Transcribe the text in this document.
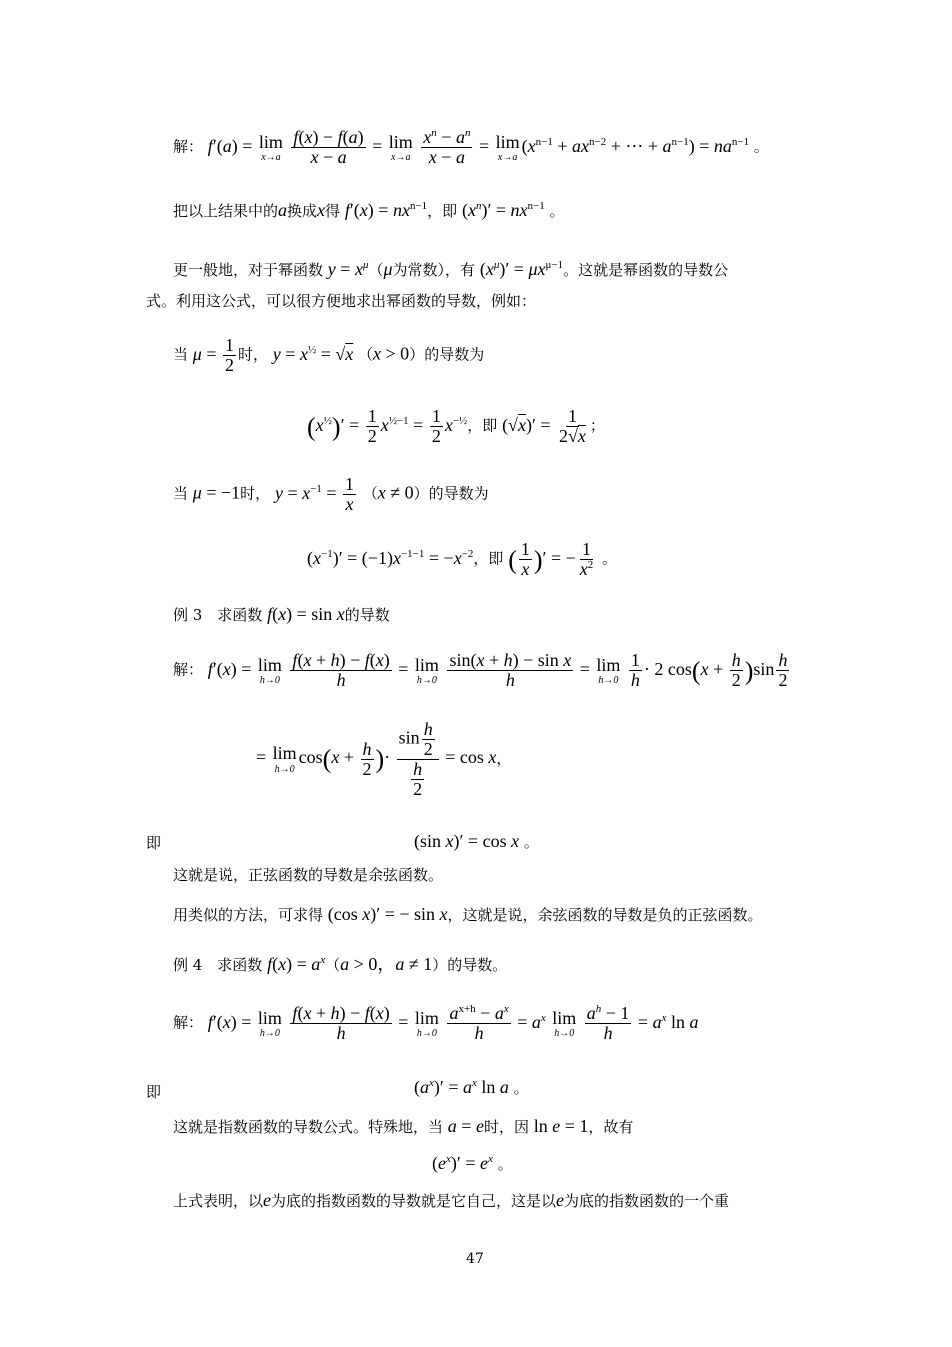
解： f′(a) = lim
x→a
$\frac{f(x) - f(a)}{x - a} = \lim$
x→a
$\frac{x^n - a^n}{x - a} = \lim$
x→a
($x^{n-1} + ax^{n-2}$ + ⋯ + $a^{n-1}) = na^{n-1}$ 。
把以上结果中的a换成x得 $f'(x) = nx^{n-1}$，即 $(x^n)' = nx^{n-1}$ 。
更一般地，对于幂函数 $y = x^\mu(\mu$为常数），有 $(x^\mu)' = \mu x^{\mu-1}$。这就是幂函数的导数公
式。利用这公式，可以很方便地求出幂函数的导数，例如：
当 $\mu = \frac{1}{2}$ 时， $y = x^{\frac{1}{2}} = √x$ （x > 0）的导数为
$(x^{\frac{1}{2}})' = \frac{1}{2} x^{\frac{1}{2}-1} = \frac{1}{2} x^{-\frac{1}{2}}$，即 $(√x)' = \frac{1}{2√x}$ ；
当 μ = −1时， $y = x^{-1} = \frac{1}{x} (x \ne 0)$的导数为
$(x^{-1})' = (-1)x^{-1-1} = -x^{-2}$，即 ( $\frac{1}{x}$ )′ = − $\frac{1}{x^2}$ 。
例 3　求函数 f(x) = sin x的导数
解： f′(x) = lim
h→0
$\frac{f(x + h) - f(x)}{h} = \lim$
h→0
$\frac{\text{sin(x + h) − sin x}}{h} = \lim$
h→0
$\frac{1}{h} \cdot 2$ $\cos(x + \frac{h}{2} )\sin \frac{h}{2}$
= lim
h→0
$\cos(x + \frac{h}{2}$ )· $\frac{\sin \frac{h}{2}}{\frac{h}{2}} = \cos x$，
即	(sin x)′ = cos x 。
这就是说，正弦函数的导数是余弦函数。
用类似的方法，可求得 (cos x)′ = − sin x，这就是说，余弦函数的导数是负的正弦函数。
例 4　求函数 $f(x) = a^x(a > 0$，a ≠ 1）的导数。
解： f′(x) = lim
h→0
$\frac{f(x + h) - f(x)}{h} = \lim$
h→0
$\frac{a^{x+h} - a^x}{h} = a^x$ lim
h→0
$\frac{a^h - 1}{h} = a^x$ ln a
即	$(a^x)' = a^x$ ln a 。
这就是指数函数的导数公式。特殊地，当 a = e时，因 ln e = 1，故有
$(e^x)' = e^x$ 。
上式表明，以e为底的指数函数的导数就是它自己，这是以e为底的指数函数的一个重
47
